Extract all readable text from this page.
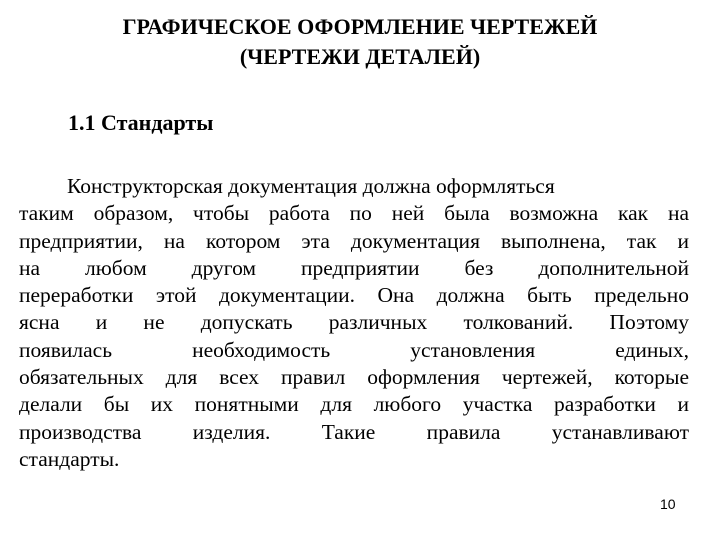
ГРАФИЧЕСКОЕ ОФОРМЛЕНИЕ ЧЕРТЕЖЕЙ
(ЧЕРТЕЖИ ДЕТАЛЕЙ)
1.1 Стандарты
Конструкторская документация должна оформляться
таким образом, чтобы работа по ней была возможна как на
предприятии, на котором эта документация выполнена, так и
на любом другом предприятии без дополнительной
переработки этой документации. Она должна быть предельно
ясна и не допускать различных толкований. Поэтому
появилась необходимость установления единых,
обязательных для всех правил оформления чертежей, которые
делали бы их понятными для любого участка разработки и
производства изделия. Такие правила устанавливают
стандарты.
10
